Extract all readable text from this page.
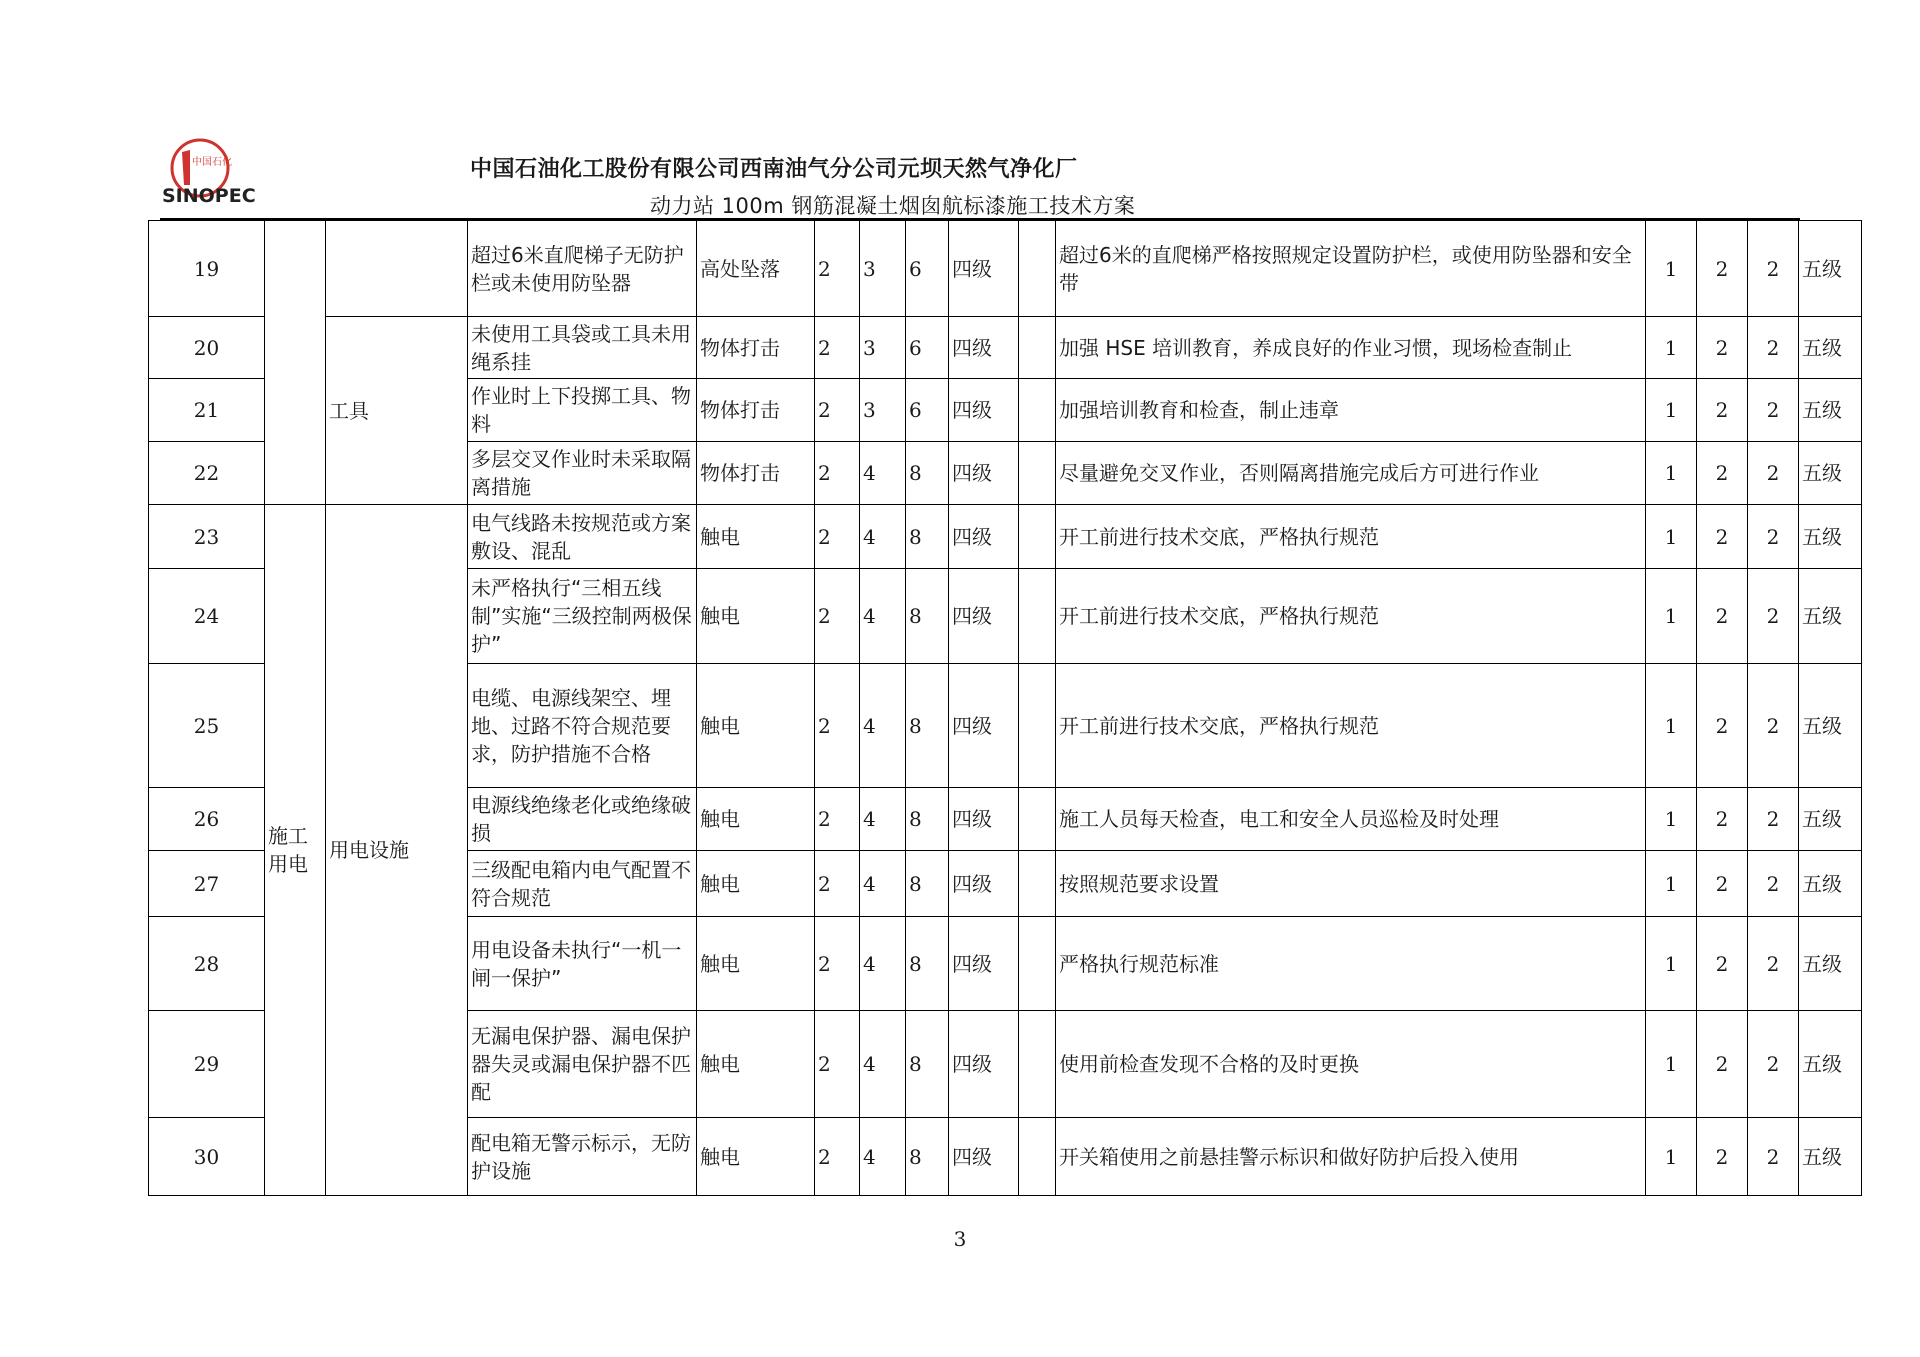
中国石化
SINOPEC

中国石油化工股份有限公司西南油气分公司元坝天然气净化厂

动力站 100m 钢筋混凝土烟囱航标漆施工技术方案

19			超过6米直爬梯子无防护栏或未使用防坠器	高处坠落	2	3	6	四级		超过6米的直爬梯严格按照规定设置防护栏，或使用防坠器和安全带	1	2	2	五级
20		工具	未使用工具袋或工具未用绳系挂	物体打击	2	3	6	四级		加强 HSE 培训教育，养成良好的作业习惯，现场检查制止	1	2	2	五级
21			作业时上下投掷工具、物料	物体打击	2	3	6	四级		加强培训教育和检查，制止违章	1	2	2	五级
22			多层交叉作业时未采取隔离措施	物体打击	2	4	8	四级		尽量避免交叉作业，否则隔离措施完成后方可进行作业	1	2	2	五级
23	施工用电	用电设施	电气线路未按规范或方案敷设、混乱	触电	2	4	8	四级		开工前进行技术交底，严格执行规范	1	2	2	五级
24			未严格执行“三相五线制”实施“三级控制两极保护”	触电	2	4	8	四级		开工前进行技术交底，严格执行规范	1	2	2	五级
25			电缆、电源线架空、埋地、过路不符合规范要求，防护措施不合格	触电	2	4	8	四级		开工前进行技术交底，严格执行规范	1	2	2	五级
26			电源线绝缘老化或绝缘破损	触电	2	4	8	四级		施工人员每天检查，电工和安全人员巡检及时处理	1	2	2	五级
27			三级配电箱内电气配置不符合规范	触电	2	4	8	四级		按照规范要求设置	1	2	2	五级
28			用电设备未执行“一机一闸一保护”	触电	2	4	8	四级		严格执行规范标准	1	2	2	五级
29			无漏电保护器、漏电保护器失灵或漏电保护器不匹配	触电	2	4	8	四级		使用前检查发现不合格的及时更换	1	2	2	五级
30			配电箱无警示标示，无防护设施	触电	2	4	8	四级		开关箱使用之前悬挂警示标识和做好防护后投入使用	1	2	2	五级

3
